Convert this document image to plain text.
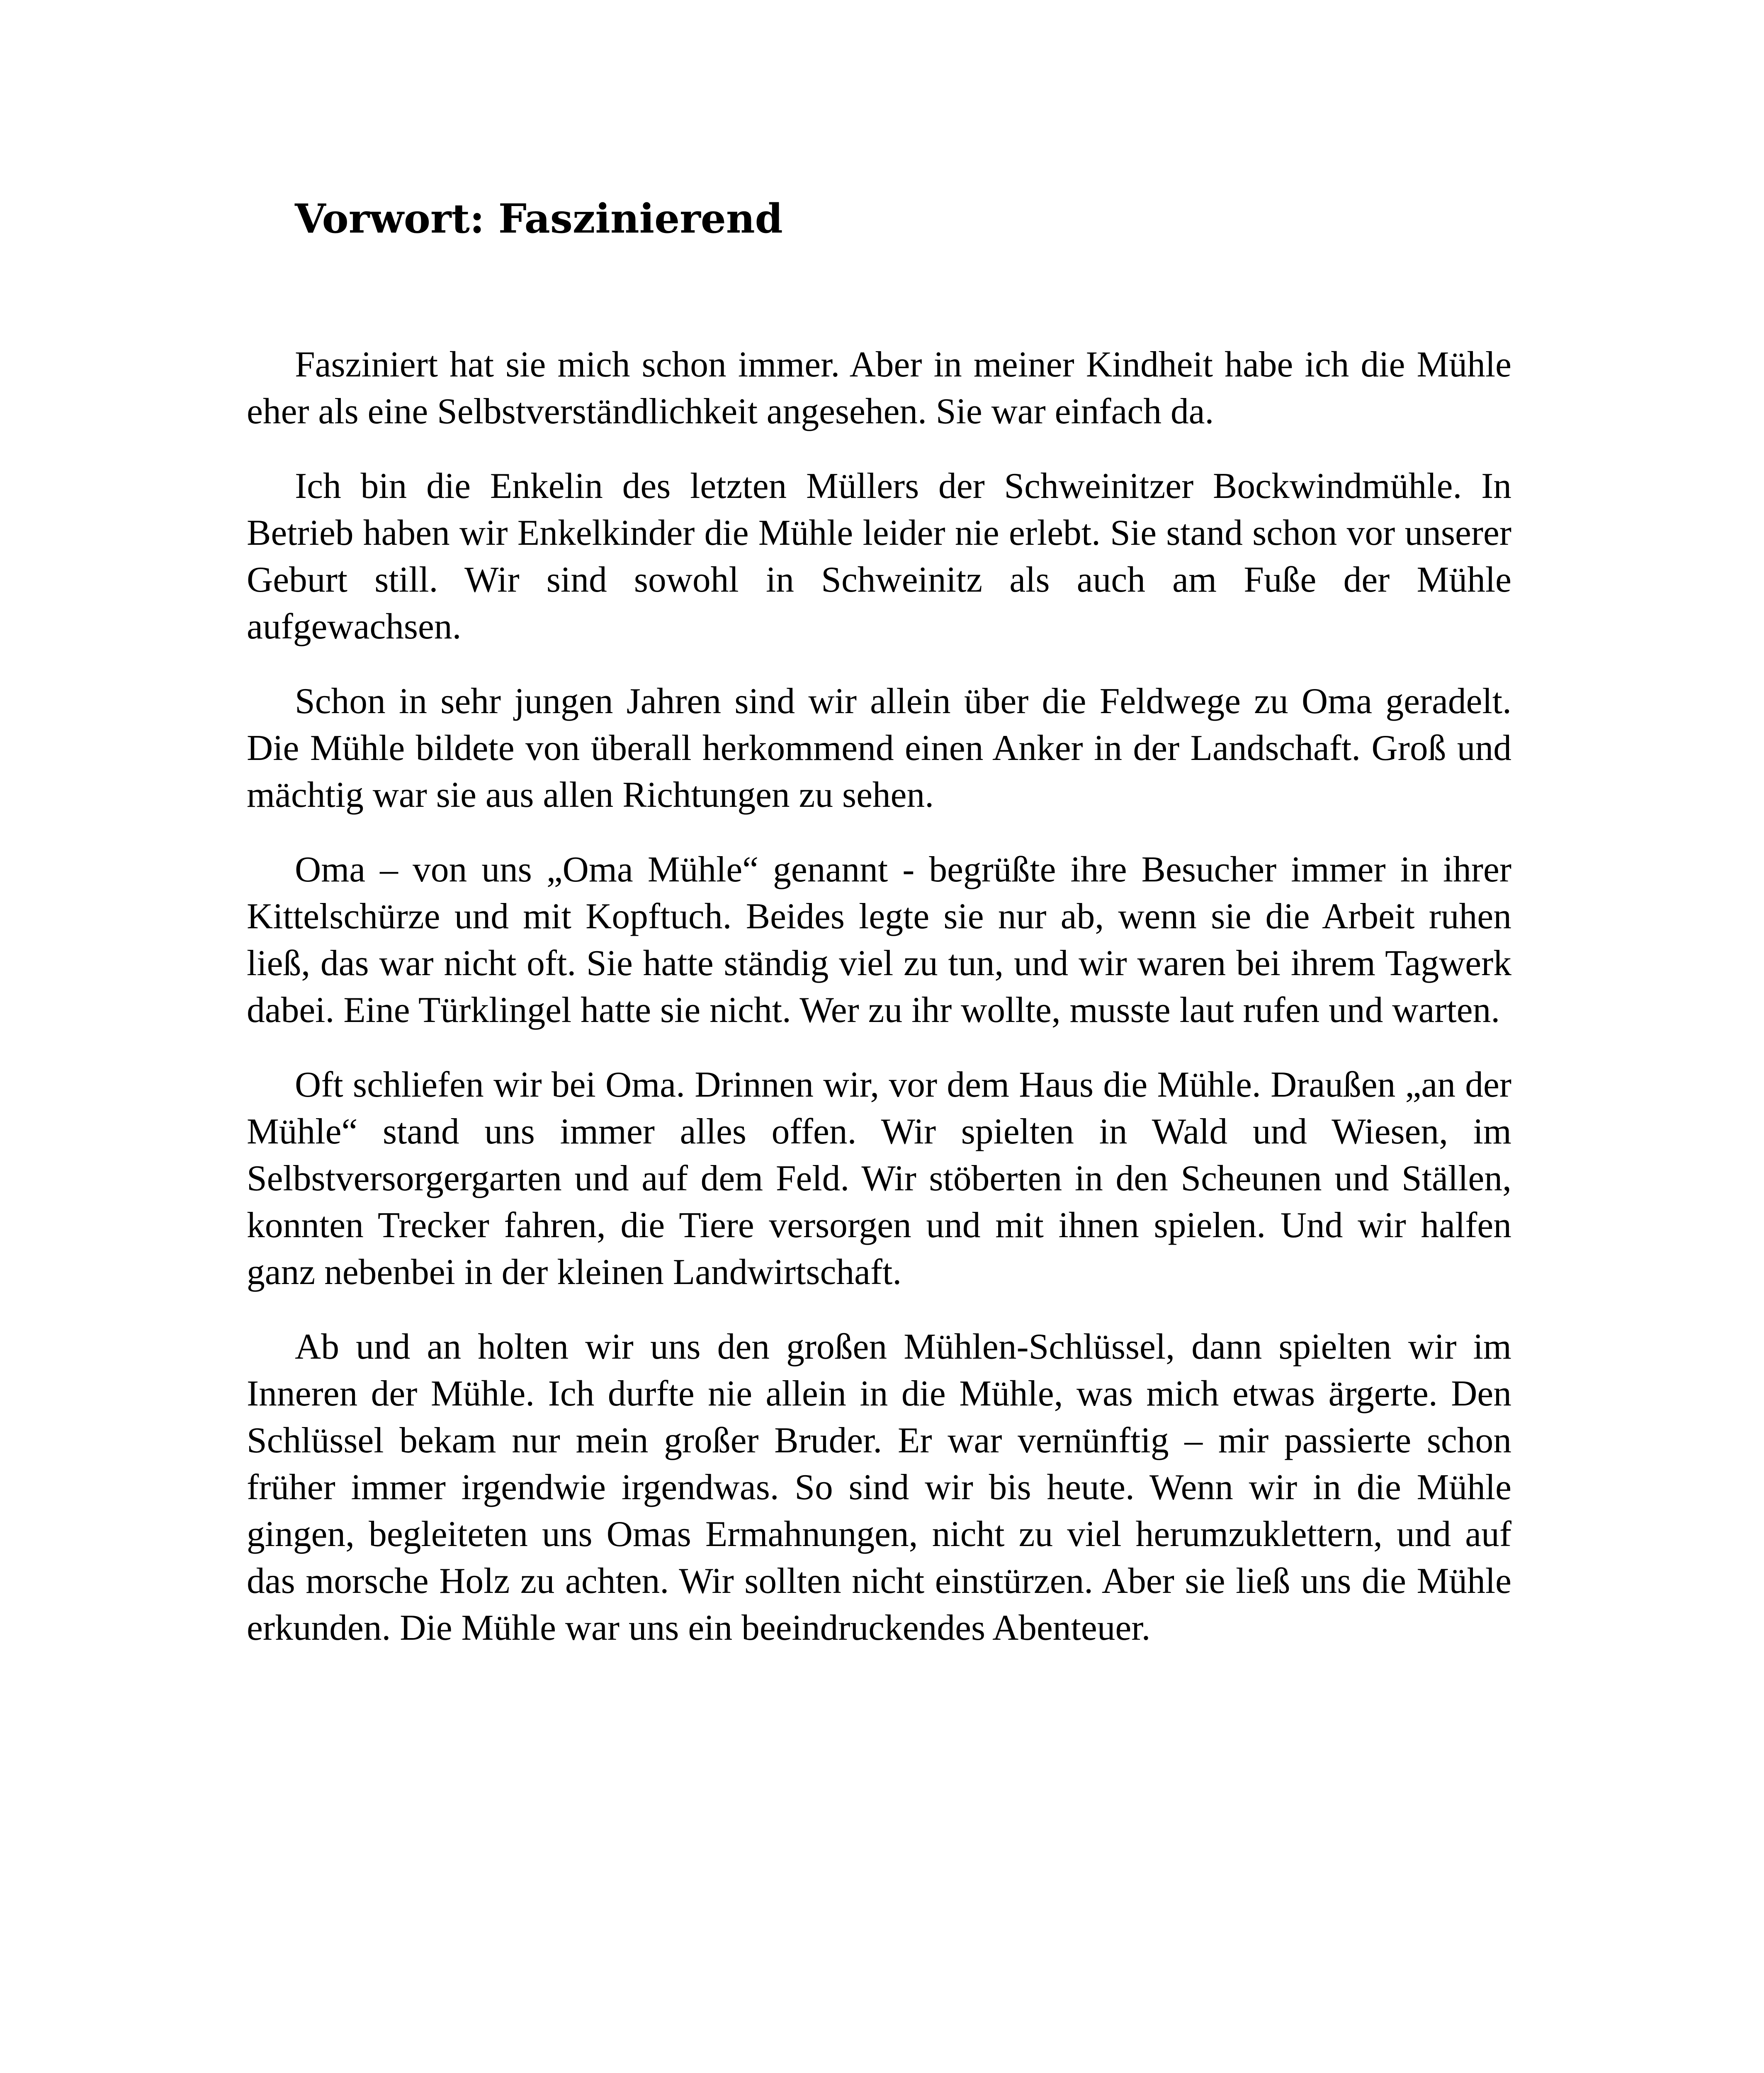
Vorwort: Faszinierend

Fasziniert hat sie mich schon immer. Aber in meiner Kindheit habe ich die Mühle eher als eine Selbstverständlichkeit angesehen. Sie war einfach da.

Ich bin die Enkelin des letzten Müllers der Schweinitzer Bockwindmühle. In Betrieb haben wir Enkelkinder die Mühle leider nie erlebt. Sie stand schon vor unserer Geburt still. Wir sind sowohl in Schweinitz als auch am Fuße der Mühle aufgewachsen.

Schon in sehr jungen Jahren sind wir allein über die Feldwege zu Oma geradelt. Die Mühle bildete von überall herkommend einen Anker in der Landschaft. Groß und mächtig war sie aus allen Richtungen zu sehen.

Oma – von uns „Oma Mühle“ genannt - begrüßte ihre Besucher immer in ihrer Kittelschürze und mit Kopftuch. Beides legte sie nur ab, wenn sie die Arbeit ruhen ließ, das war nicht oft. Sie hatte ständig viel zu tun, und wir waren bei ihrem Tagwerk dabei. Eine Türklingel hatte sie nicht. Wer zu ihr wollte, musste laut rufen und warten.

Oft schliefen wir bei Oma. Drinnen wir, vor dem Haus die Mühle. Draußen „an der Mühle“ stand uns immer alles offen. Wir spielten in Wald und Wiesen, im Selbstversorgergarten und auf dem Feld. Wir stöberten in den Scheunen und Ställen, konnten Trecker fahren, die Tiere versorgen und mit ihnen spielen. Und wir halfen ganz nebenbei in der kleinen Landwirtschaft.

Ab und an holten wir uns den großen Mühlen-Schlüssel, dann spielten wir im Inneren der Mühle. Ich durfte nie allein in die Mühle, was mich etwas ärgerte. Den Schlüssel bekam nur mein großer Bruder. Er war vernünftig – mir passierte schon früher immer irgendwie irgendwas. So sind wir bis heute. Wenn wir in die Mühle gingen, begleiteten uns Omas Ermahnungen, nicht zu viel herumzuklettern, und auf das morsche Holz zu achten. Wir sollten nicht einstürzen. Aber sie ließ uns die Mühle erkunden. Die Mühle war uns ein beeindruckendes Abenteuer.
